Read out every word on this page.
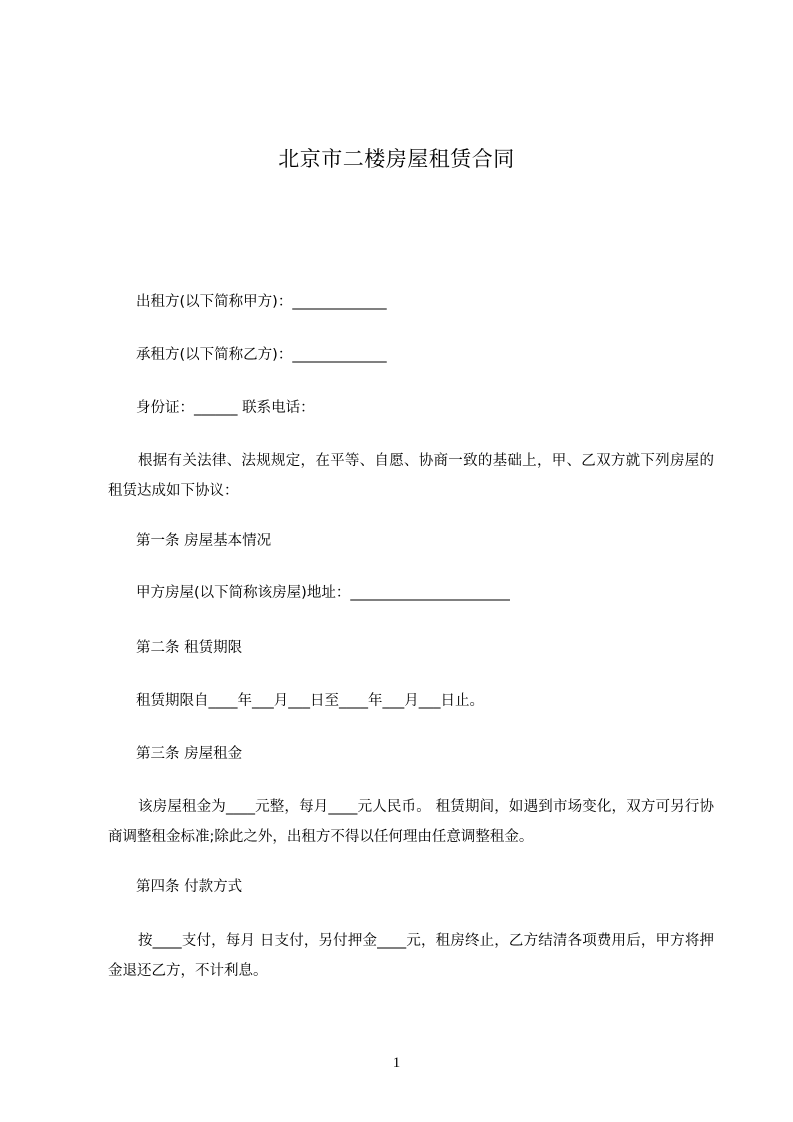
北京市二楼房屋租赁合同
出租方(以下简称甲方)：_____________
承租方(以下简称乙方)：_____________
身份证：______ 联系电话：
根据有关法律、法规规定，在平等、自愿、协商一致的基础上，甲、乙双方就下列房屋的租赁达成如下协议：
第一条 房屋基本情况
甲方房屋(以下简称该房屋)地址：______________________
第二条 租赁期限
租赁期限自____年___月___日至____年___月___日止。
第三条 房屋租金
该房屋租金为____元整，每月____元人民币。 租赁期间，如遇到市场变化，双方可另行协商调整租金标准;除此之外，出租方不得以任何理由任意调整租金。
第四条 付款方式
按____支付，每月 日支付，另付押金____元，租房终止，乙方结清各项费用后，甲方将押金退还乙方，不计利息。
1
